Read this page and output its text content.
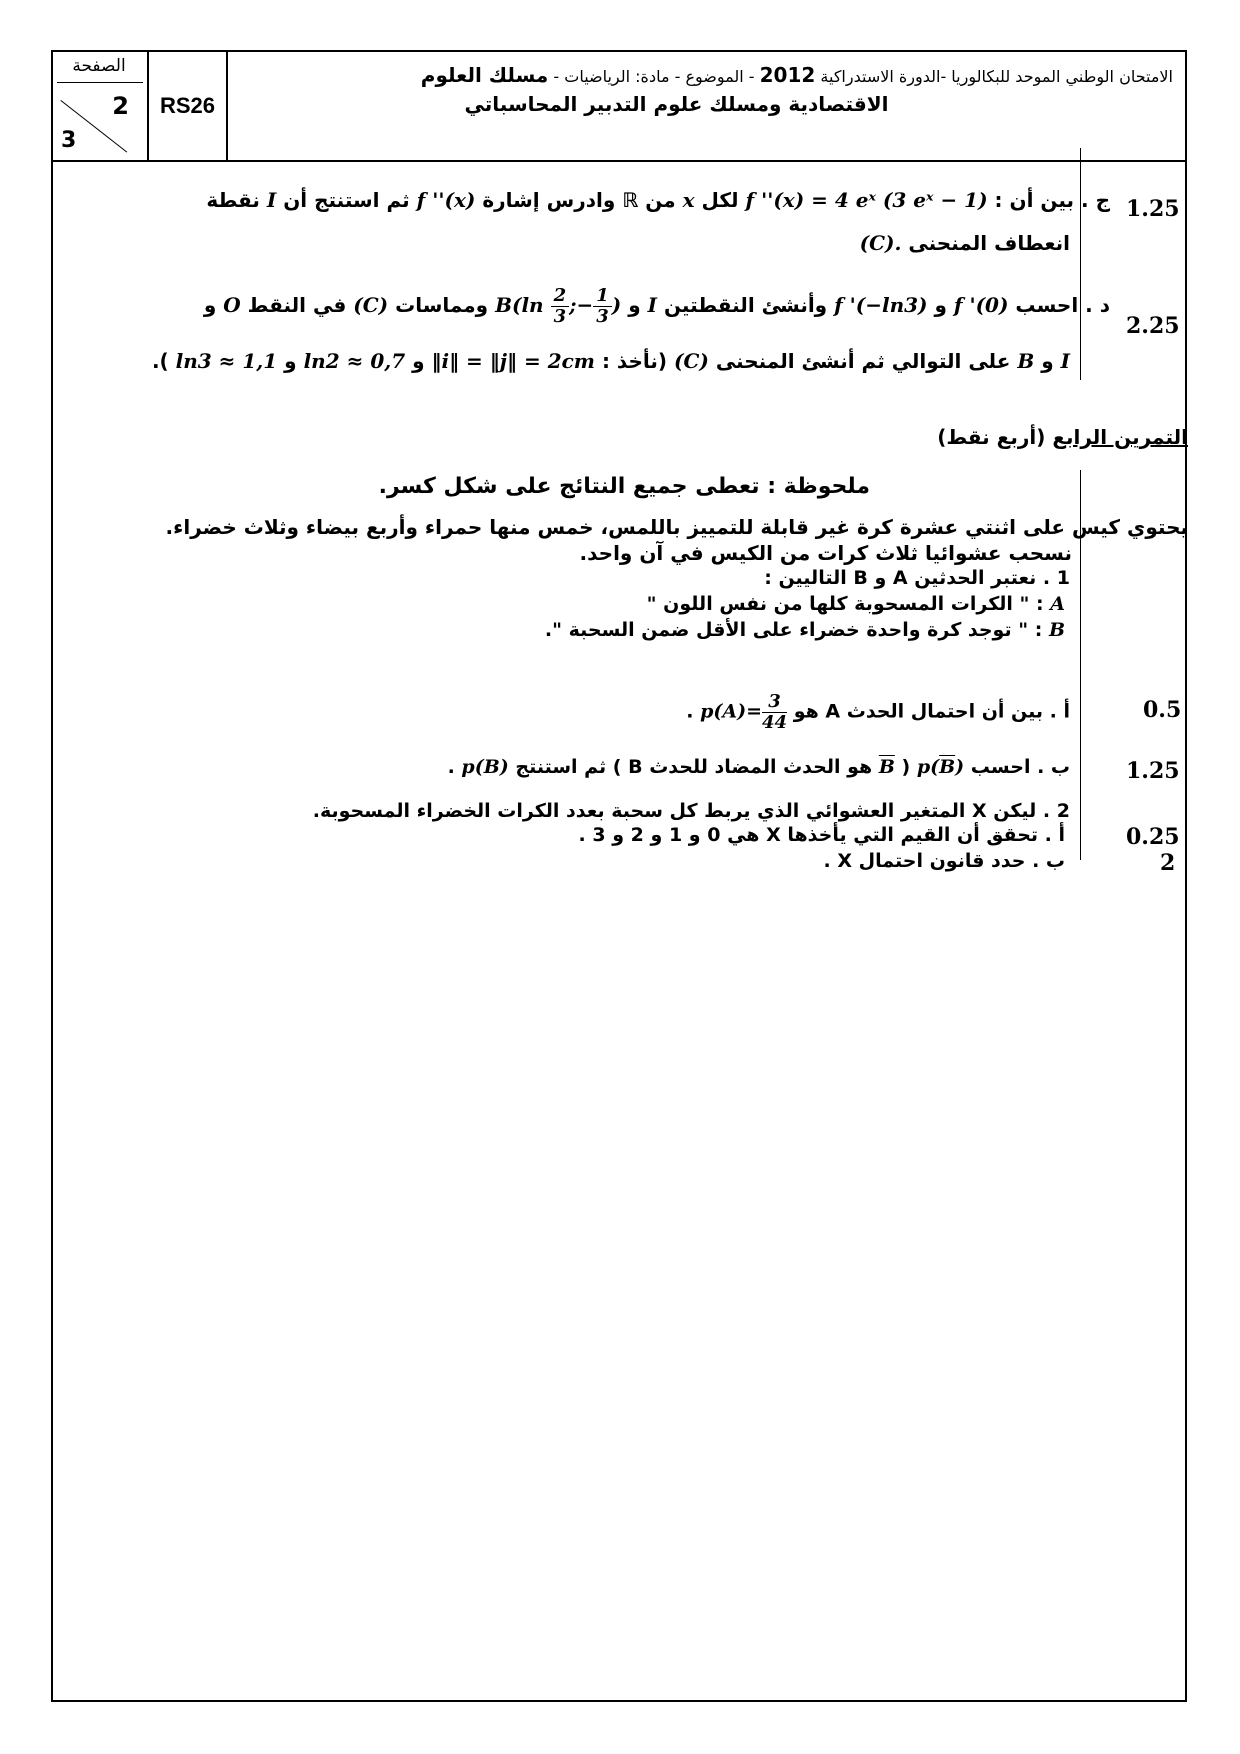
الصفحة
2
3
RS26
الامتحان الوطني الموحد للبكالوريا -الدورة الاستدراكية 2012 - الموضوع - مادة: الرياضيات - مسلك العلوم
الاقتصادية ومسلك علوم التدبير المحاسباتي
1.25
ج . بين أن : f ''(x) = 4 eˣ (3 eˣ − 1) لكل x من ℝ وادرس إشارة f ''(x) ثم استنتج أن I نقطة
انعطاف المنحنى (C).
2.25
د . احسب f '(0) و f '(−ln3) وأنشئ النقطتين I و $B(\ln \frac{2}{3}$ ;− $\frac{1}{3}$ ) ومماسات (C) في النقط O و
I و B على التوالي ثم أنشئ المنحنى (C) (نأخذ : ‖i‖ = ‖j‖ = 2cm و ln2 ≈ 0,7 و ln3 ≈ 1,1 ).
التمرين الرابع (أربع نقط)
ملحوظة : تعطى جميع النتائج على شكل كسر.
يحتوي كيس على اثنتي عشرة كرة غير قابلة للتمييز باللمس، خمس منها حمراء وأربع بيضاء وثلاث خضراء.
نسحب عشوائيا ثلاث كرات من الكيس في آن واحد.
1 . نعتبر الحدثين A و B التاليين :
A : " الكرات المسحوبة كلها من نفس اللون "
B : " توجد كرة واحدة خضراء على الأقل ضمن السحبة ".
0.5
أ . بين أن احتمال الحدث A هو $p(A)= \frac{3}{44}$
.
1.25
ب . احسب $p(\overline{B})$ ( B هو الحدث المضاد للحدث B ) ثم استنتج p(B) .
2 . ليكن X المتغير العشوائي الذي يربط كل سحبة بعدد الكرات الخضراء المسحوبة.
0.25
أ . تحقق أن القيم التي يأخذها X هي 0 و 1 و 2 و 3 .
2
ب . حدد قانون احتمال X .
